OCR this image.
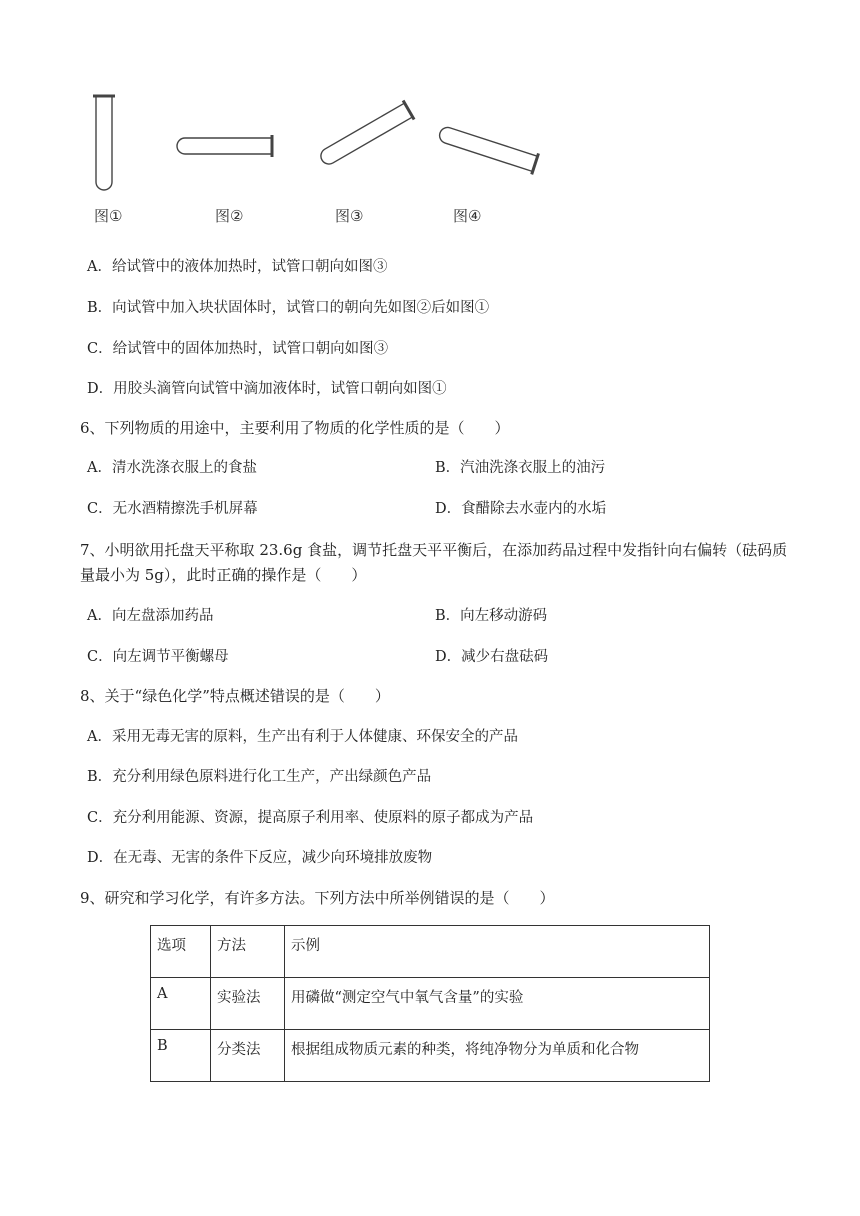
图①	图②	图③	图④
A．给试管中的液体加热时，试管口朝向如图③
B．向试管中加入块状固体时，试管口的朝向先如图②后如图①
C．给试管中的固体加热时，试管口朝向如图③
D．用胶头滴管向试管中滴加液体时，试管口朝向如图①
6、下列物质的用途中，主要利用了物质的化学性质的是（　　）
A．清水洗涤衣服上的食盐	B．汽油洗涤衣服上的油污
C．无水酒精擦洗手机屏幕	D．食醋除去水壶内的水垢
7、小明欲用托盘天平称取 23.6g 食盐，调节托盘天平平衡后，在添加药品过程中发指针向右偏转（砝码质
量最小为 5g），此时正确的操作是（　　）
A．向左盘添加药品	B．向左移动游码
C．向左调节平衡螺母	D．减少右盘砝码
8、关于“绿色化学”特点概述错误的是（　　）
A．采用无毒无害的原料，生产出有利于人体健康、环保安全的产品
B．充分利用绿色原料进行化工生产，产出绿颜色产品
C．充分利用能源、资源，提高原子利用率、使原料的原子都成为产品
D．在无毒、无害的条件下反应，减少向环境排放废物
9、研究和学习化学，有许多方法。下列方法中所举例错误的是（　　）
选项	方法	示例
A	实验法	用磷做“测定空气中氧气含量”的实验
B	分类法	根据组成物质元素的种类，将纯净物分为单质和化合物
